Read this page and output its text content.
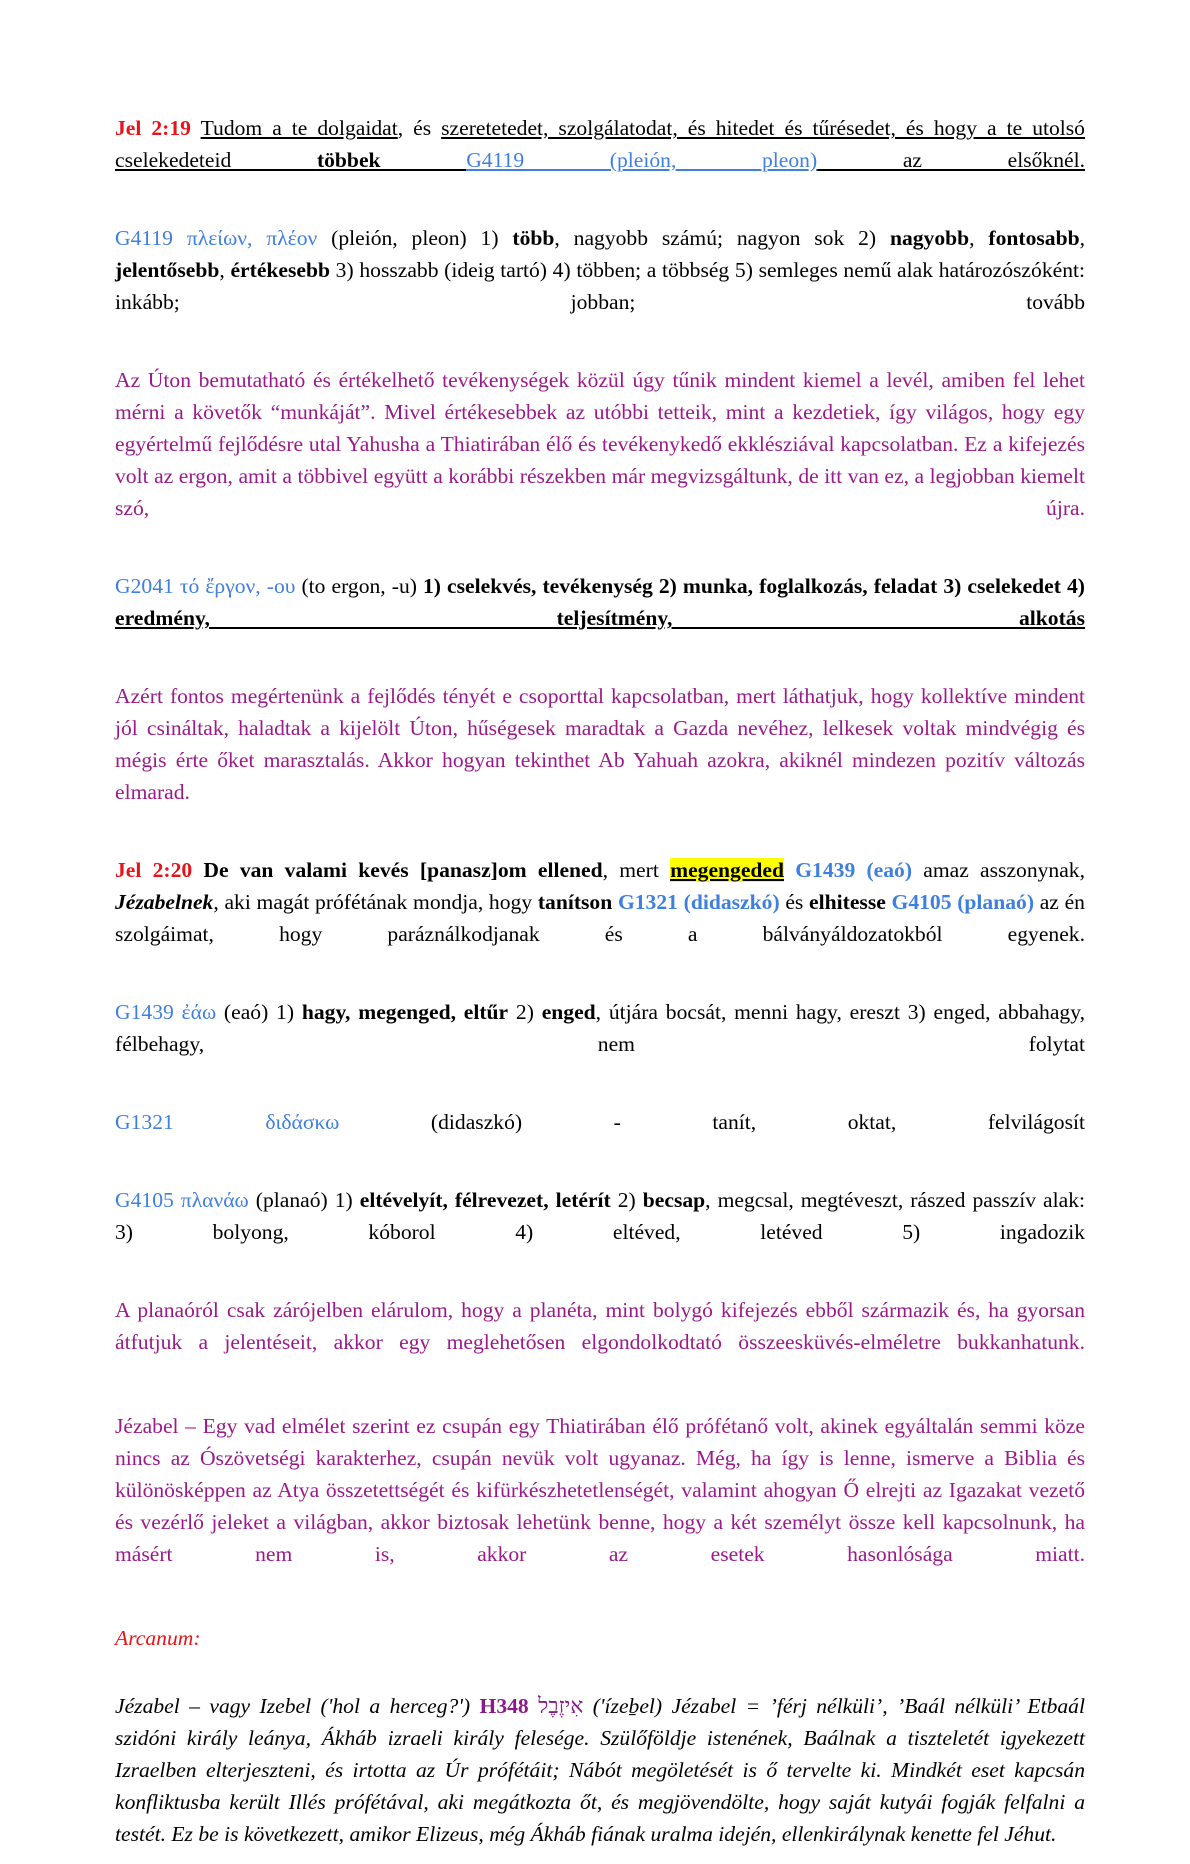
Jel 2:19 Tudom a te dolgaidat, és szeretetedet, szolgálatodat, és hitedet és tűrésedet, és hogy a te utolsó cselekedeteid többek	G4119 (pleión, pleon) az elsőknél.

G4119 πλείων, πλέον (pleión, pleon) 1) több, nagyobb számú; nagyon sok 2) nagyobb, fontosabb, jelentősebb, értékesebb 3) hosszabb (ideig tartó) 4) többen; a többség 5) semleges nemű alak határozószóként: inkább; jobban; tovább

Az Úton bemutatható és értékelhető tevékenységek közül úgy tűnik mindent kiemel a levél, amiben fel lehet mérni a követők “munkáját”. Mivel értékesebbek az utóbbi tetteik, mint a kezdetiek, így világos, hogy egy egyértelmű fejlődésre utal Yahusha a Thiatirában élő és tevékenykedő ekklésziával kapcsolatban. Ez a kifejezés volt az ergon, amit a többivel együtt a korábbi részekben már megvizsgáltunk, de itt van ez, a legjobban kiemelt szó, újra.

G2041 τό ἔργον, -ου (to ergon, -u) 1) cselekvés, tevékenység 2) munka, foglalkozás, feladat 3) cselekedet 4) eredmény, teljesítmény, alkotás

Azért fontos megértenünk a fejlődés tényét e csoporttal kapcsolatban, mert láthatjuk, hogy kollektíve mindent jól csináltak, haladtak a kijelölt Úton, hűségesek maradtak a Gazda nevéhez, lelkesek voltak mindvégig és mégis érte őket marasztalás. Akkor hogyan tekinthet Ab Yahuah azokra, akiknél mindezen pozitív változás elmarad.

Jel 2:20 De van valami kevés [panasz]om ellened, mert megengeded G1439 (eaó) amaz asszonynak, Jézabelnek, aki magát prófétának mondja, hogy tanítson G1321 (didaszkó) és elhitesse G4105 (planaó) az én szolgáimat, hogy paráználkodjanak és a bálványáldozatokból egyenek.

G1439 ἐάω (eaó) 1) hagy, megenged, eltűr 2) enged, útjára bocsát, menni hagy, ereszt 3) enged, abbahagy, félbehagy, nem folytat

G1321 διδάσκω (didaszkó) - tanít, oktat, felvilágosít

G4105 πλανάω (planaó) 1) eltévelyít, félrevezet, letérít 2) becsap, megcsal, megtéveszt, rászed passzív alak: 3) bolyong, kóborol 4) eltéved, letéved 5) ingadozik

A planaóról csak zárójelben elárulom, hogy a planéta, mint bolygó kifejezés ebből származik és, ha gyorsan átfutjuk a jelentéseit, akkor egy meglehetősen elgondolkodtató összeesküvés-elméletre bukkanhatunk.

Jézabel – Egy vad elmélet szerint ez csupán egy Thiatirában élő prófétanő volt, akinek egyáltalán semmi köze nincs az Ószövetségi karakterhez, csupán nevük volt ugyanaz. Még, ha így is lenne, ismerve a Biblia és különösképpen az Atya összetettségét és kifürkészhetetlenségét, valamint ahogyan Ő elrejti az Igazakat vezető és vezérlő jeleket a világban, akkor biztosak lehetünk benne, hogy a két személyt össze kell kapcsolnunk, ha másért nem is, akkor az esetek hasonlósága miatt.

Arcanum:

Jézabel – vagy Izebel ('hol a herceg?') H348 אִיזֶבֶל ('ízeḇel) Jézabel = ’férj nélküli’, ’Baál nélküli’ Etbaál szidóni király leánya, Ákháb izraeli király felesége. Szülőföldje istenének, Baálnak a tiszteletét igyekezett Izraelben elterjeszteni, és irtotta az Úr prófétáit; Nábót megöletését is ő tervelte ki. Mindkét eset kapcsán konfliktusba került Illés prófétával, aki megátkozta őt, és megjövendölte, hogy saját kutyái fogják felfalni a testét. Ez be is következett, amikor Elizeus, még Ákháb fiának uralma idején, ellenkirálynak kenette fel Jéhut.
